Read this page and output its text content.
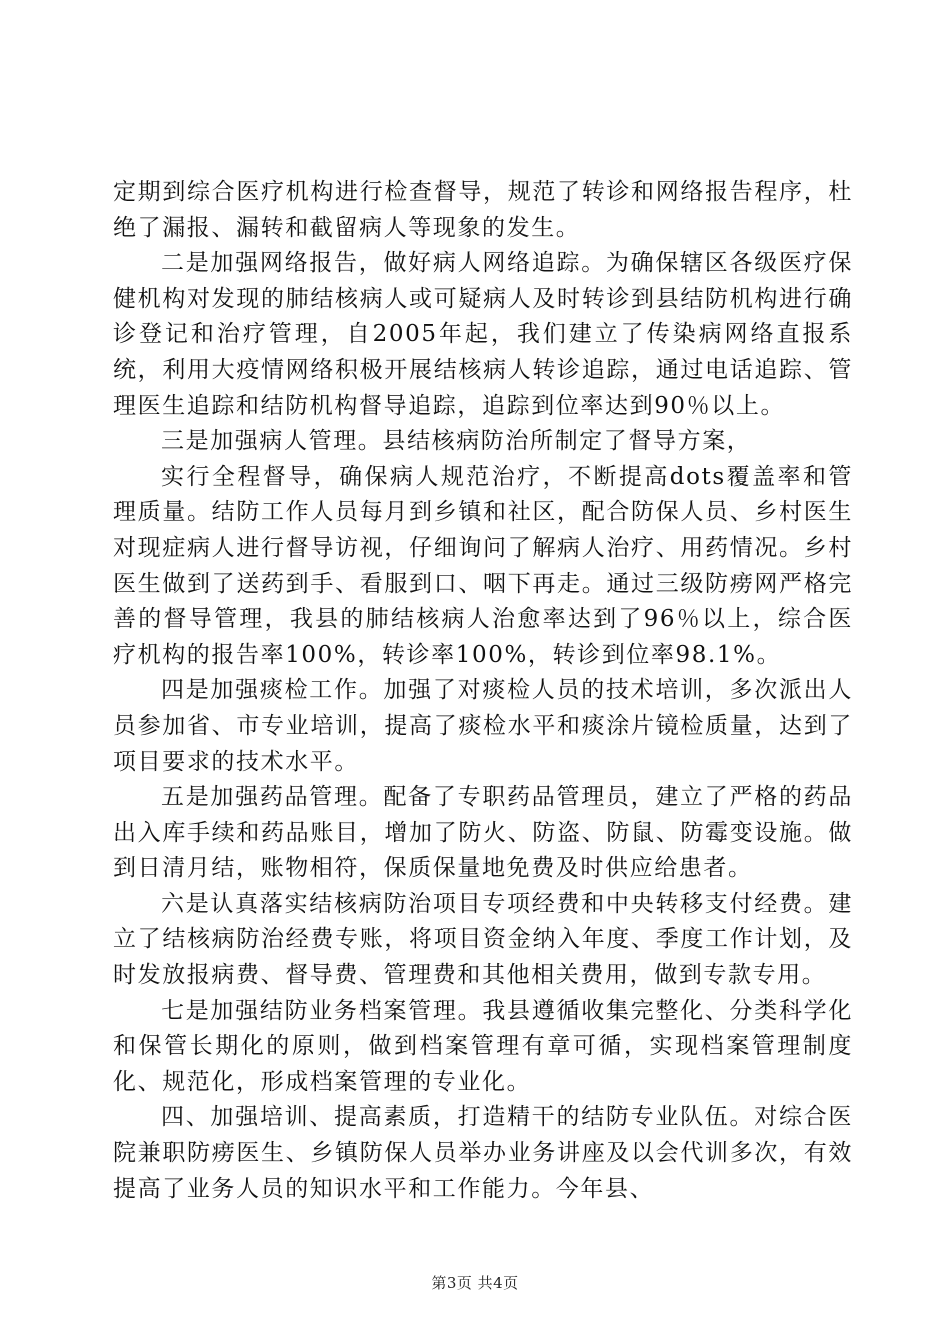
定期到综合医疗机构进行检查督导，规范了转诊和网络报告程序，杜绝了漏报、漏转和截留病人等现象的发生。

二是加强网络报告，做好病人网络追踪。为确保辖区各级医疗保健机构对发现的肺结核病人或可疑病人及时转诊到县结防机构进行确诊登记和治疗管理，自2005年起，我们建立了传染病网络直报系统，利用大疫情网络积极开展结核病人转诊追踪，通过电话追踪、管理医生追踪和结防机构督导追踪，追踪到位率达到90％以上。

三是加强病人管理。县结核病防治所制定了督导方案，

实行全程督导，确保病人规范治疗，不断提高dots覆盖率和管理质量。结防工作人员每月到乡镇和社区，配合防保人员、乡村医生对现症病人进行督导访视，仔细询问了解病人治疗、用药情况。乡村医生做到了送药到手、看服到口、咽下再走。通过三级防痨网严格完善的督导管理，我县的肺结核病人治愈率达到了96％以上，综合医疗机构的报告率100%，转诊率100%，转诊到位率98.1%。

四是加强痰检工作。加强了对痰检人员的技术培训，多次派出人员参加省、市专业培训，提高了痰检水平和痰涂片镜检质量，达到了项目要求的技术水平。

五是加强药品管理。配备了专职药品管理员，建立了严格的药品出入库手续和药品账目，增加了防火、防盗、防鼠、防霉变设施。做到日清月结，账物相符，保质保量地免费及时供应给患者。

六是认真落实结核病防治项目专项经费和中央转移支付经费。建立了结核病防治经费专账，将项目资金纳入年度、季度工作计划，及时发放报病费、督导费、管理费和其他相关费用，做到专款专用。

七是加强结防业务档案管理。我县遵循收集完整化、分类科学化和保管长期化的原则，做到档案管理有章可循，实现档案管理制度化、规范化，形成档案管理的专业化。

四、加强培训、提高素质，打造精干的结防专业队伍。对综合医院兼职防痨医生、乡镇防保人员举办业务讲座及以会代训多次，有效提高了业务人员的知识水平和工作能力。今年县、

第3页 共4页
